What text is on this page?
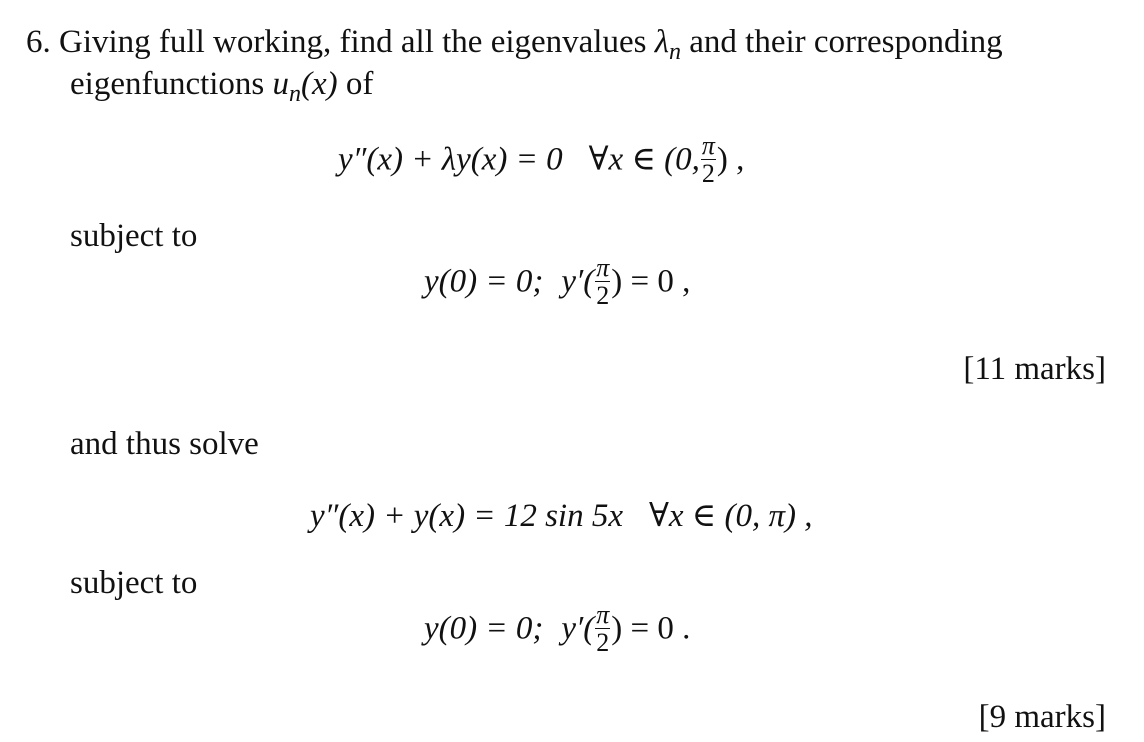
6. Giving full working, find all the eigenvalues $\lambda_n$ and their corresponding
eigenfunctions $u_n(x)$ of
y″(x) + λy(x) = 0 ∀x ∈ (0, $\frac{\pi}{2}$ ) ,
subject to
y(0) = 0; $y'( \frac{\pi}{2}$ ) = 0 ,
[11 marks]
and thus solve
y″(x) + y(x) = 12 sin 5x ∀x ∈ (0, π) ,
subject to
y(0) = 0; $y'( \frac{\pi}{2}$ ) = 0 .
[9 marks]
